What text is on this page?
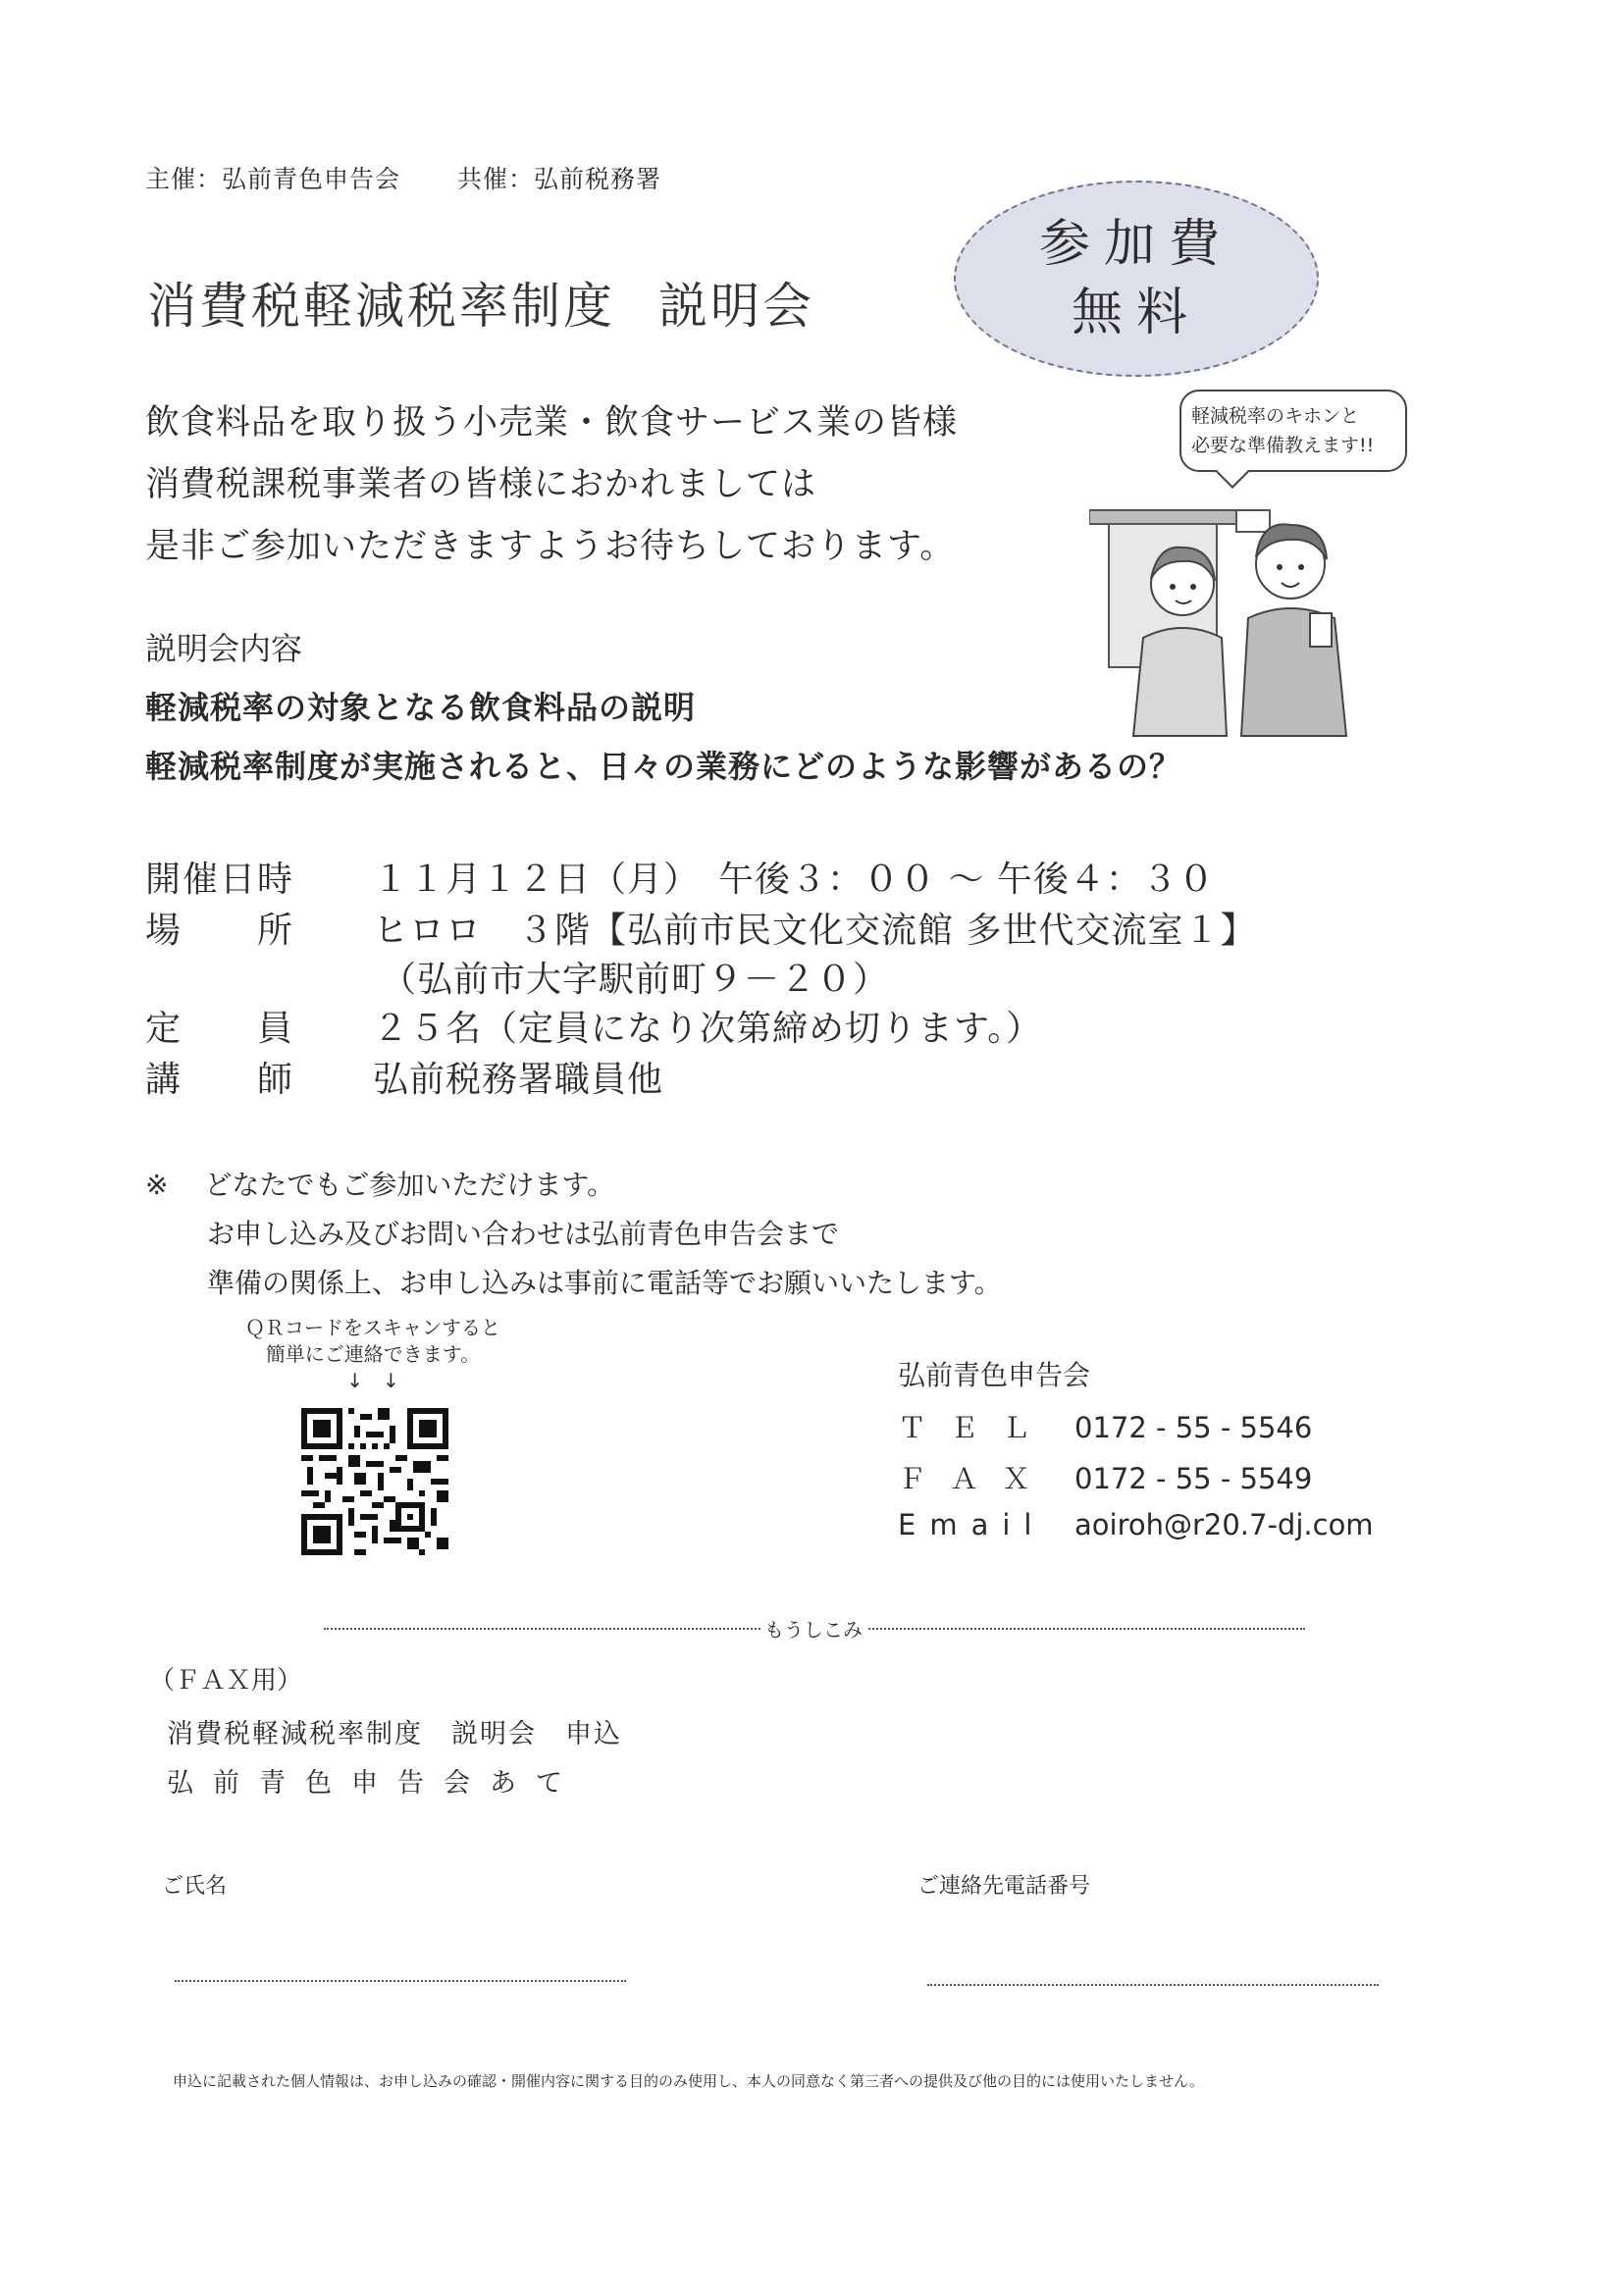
主催：弘前青色申告会 共催：弘前税務署
消費税軽減税率制度 説明会
参加費
無料
軽減税率のキホンと
必要な準備教えます!!
飲食料品を取り扱う小売業・飲食サービス業の皆様
消費税課税事業者の皆様におかれましては
是非ご参加いただきますようお待ちしております。
説明会内容
軽減税率の対象となる飲食料品の説明
軽減税率制度が実施されると、日々の業務にどのような影響があるの？
開催日時	１１月１２日（月）　午後３：００ ～ 午後４：３０
場　　所	ヒロロ　３階【弘前市民文化交流館 多世代交流室１】
（弘前市大字駅前町９－２０）
定　　員	２５名（定員になり次第締め切ります。）
講　　師	弘前税務署職員他
※　 どなたでもご参加いただけます。
お申し込み及びお問い合わせは弘前青色申告会まで
準備の関係上、お申し込みは事前に電話等でお願いいたします。
ＱＲコードをスキャンすると
簡単にご連絡できます。
↓　↓	弘前青色申告会
ＴＥＬ 0172 - 55 - 5546
ＦＡＸ 0172 - 55 - 5549
Email aoiroh@r20.7-dj.com
もうしこみ
（ＦＡＸ用）
消費税軽減税率制度　説明会　申込
弘前青色申告会あて
ご氏名	ご連絡先電話番号
申込に記載された個人情報は、お申し込みの確認・開催内容に関する目的のみ使用し、本人の同意なく第三者への提供及び他の目的には使用いたしません。
